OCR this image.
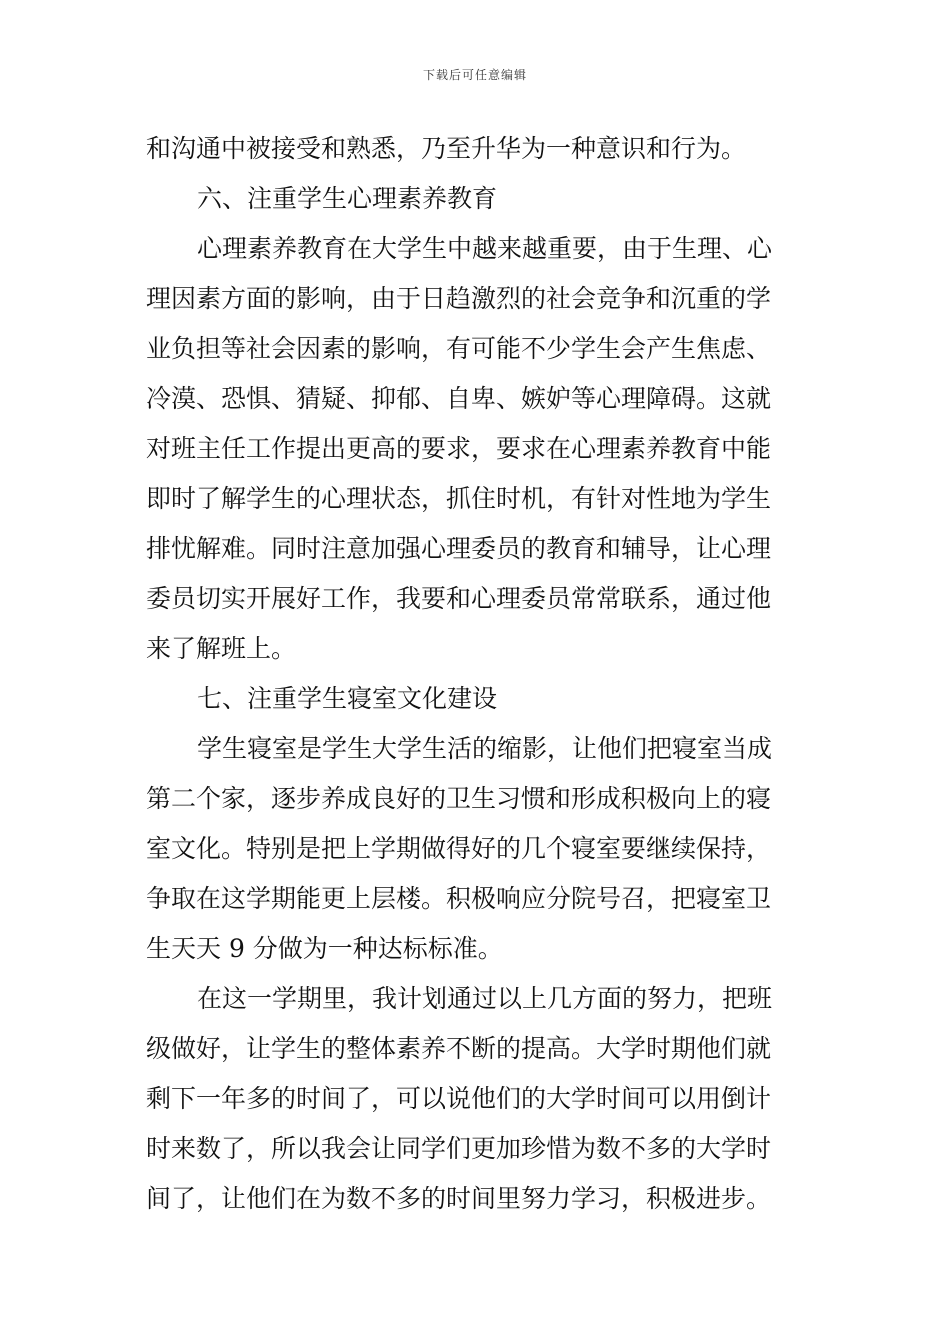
下载后可任意编辑
和沟通中被接受和熟悉，乃至升华为一种意识和行为。
六、注重学生心理素养教育
心理素养教育在大学生中越来越重要，由于生理、心
理因素方面的影响，由于日趋激烈的社会竞争和沉重的学
业负担等社会因素的影响，有可能不少学生会产生焦虑、
冷漠、恐惧、猜疑、抑郁、自卑、嫉妒等心理障碍。这就
对班主任工作提出更高的要求，要求在心理素养教育中能
即时了解学生的心理状态，抓住时机，有针对性地为学生
排忧解难。同时注意加强心理委员的教育和辅导，让心理
委员切实开展好工作，我要和心理委员常常联系，通过他
来了解班上。
七、注重学生寝室文化建设
学生寝室是学生大学生活的缩影，让他们把寝室当成
第二个家，逐步养成良好的卫生习惯和形成积极向上的寝
室文化。特别是把上学期做得好的几个寝室要继续保持，
争取在这学期能更上层楼。积极响应分院号召，把寝室卫
生天天 9 分做为一种达标标准。
在这一学期里，我计划通过以上几方面的努力，把班
级做好，让学生的整体素养不断的提高。大学时期他们就
剩下一年多的时间了，可以说他们的大学时间可以用倒计
时来数了，所以我会让同学们更加珍惜为数不多的大学时
间了，让他们在为数不多的时间里努力学习，积极进步。
